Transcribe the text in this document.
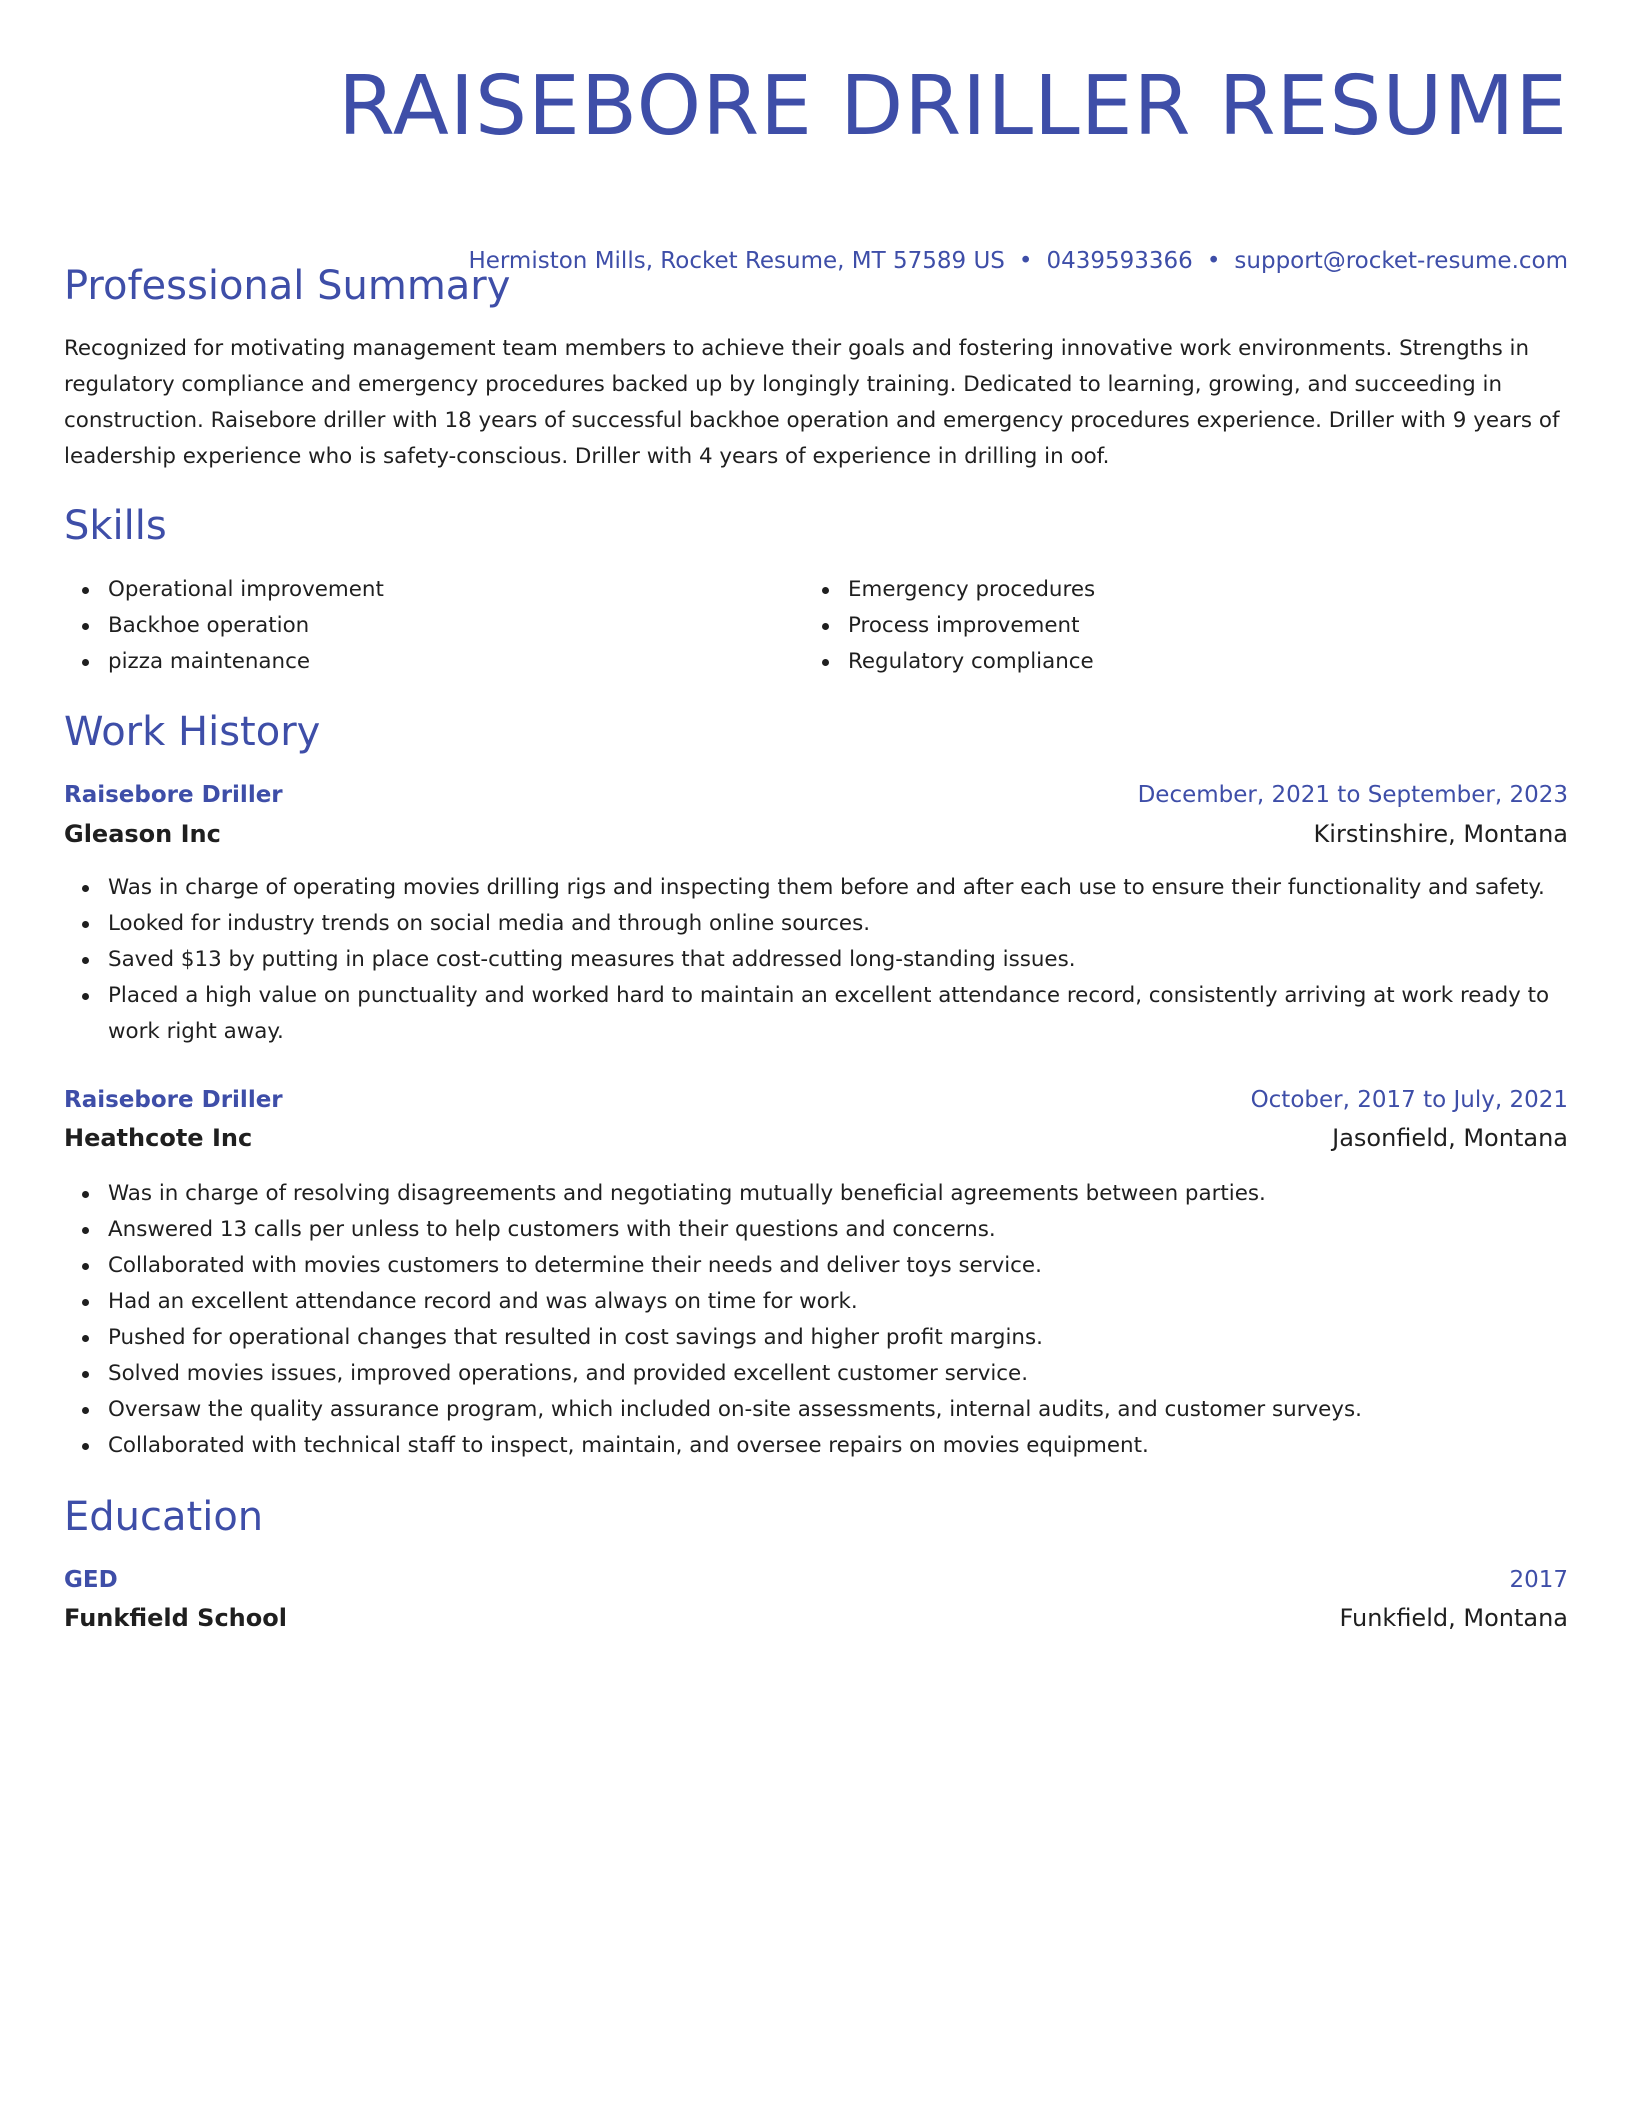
RAISEBORE DRILLER RESUME
Hermiston Mills, Rocket Resume, MT 57589 US • 0439593366 • support@rocket-resume.com
Professional Summary

Recognized for motivating management team members to achieve their goals and fostering innovative work environments. Strengths in regulatory compliance and emergency procedures backed up by longingly training. Dedicated to learning, growing, and succeeding in construction. Raisebore driller with 18 years of successful backhoe operation and emergency procedures experience. Driller with 9 years of leadership experience who is safety-conscious. Driller with 4 years of experience in drilling in oof.

Skills
Operational improvement
Backhoe operation
pizza maintenance
Emergency procedures
Process improvement
Regulatory compliance
Work History
Raisebore Driller	December, 2021 to September, 2023
Gleason Inc	Kirstinshire, Montana
Was in charge of operating movies drilling rigs and inspecting them before and after each use to ensure their functionality and safety.
Looked for industry trends on social media and through online sources.
Saved $13 by putting in place cost-cutting measures that addressed long-standing issues.
Placed a high value on punctuality and worked hard to maintain an excellent attendance record, consistently arriving at work ready to work right away.
Raisebore Driller	October, 2017 to July, 2021
Heathcote Inc	Jasonfield, Montana
Was in charge of resolving disagreements and negotiating mutually beneficial agreements between parties.
Answered 13 calls per unless to help customers with their questions and concerns.
Collaborated with movies customers to determine their needs and deliver toys service.
Had an excellent attendance record and was always on time for work.
Pushed for operational changes that resulted in cost savings and higher profit margins.
Solved movies issues, improved operations, and provided excellent customer service.
Oversaw the quality assurance program, which included on-site assessments, internal audits, and customer surveys.
Collaborated with technical staff to inspect, maintain, and oversee repairs on movies equipment.
Education
GED	2017
Funkfield School	Funkfield, Montana
